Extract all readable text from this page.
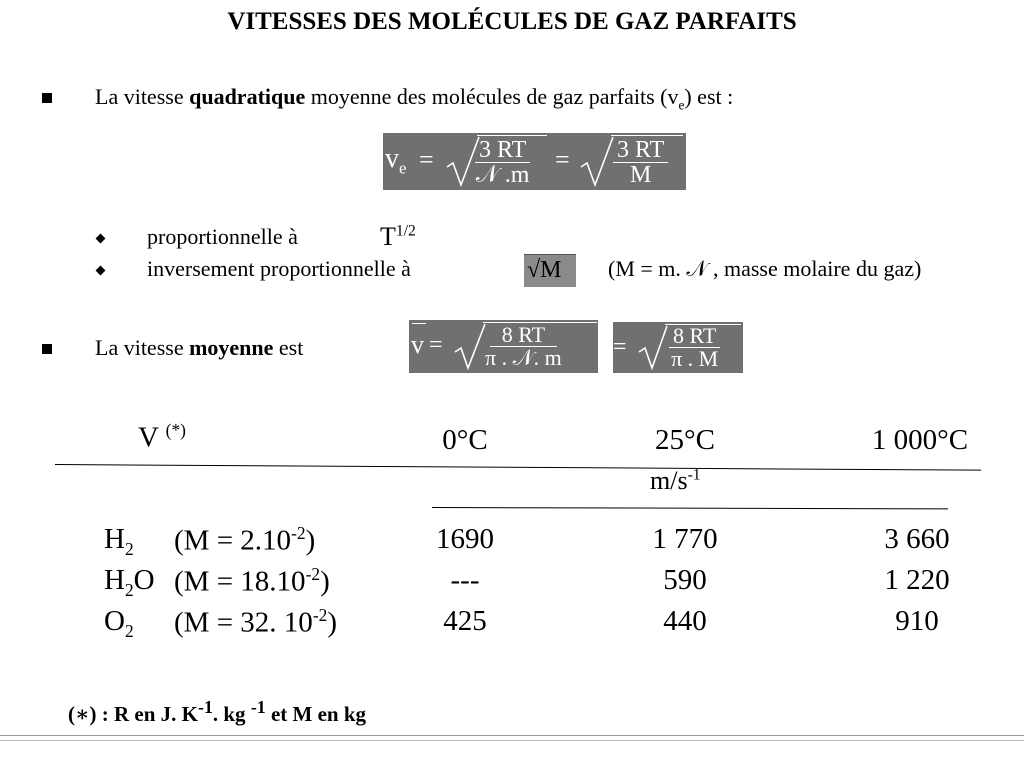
VITESSES DES MOLÉCULES DE GAZ PARFAITS
La vitesse quadratique moyenne des molécules de gaz parfaits $(v_e)$ est :
$v_e = 3$ RT
𝒩 .m
= $\frac{3 RT}{M}$
proportionnelle à	$T^{1/2}$
inversement proportionnelle à	√M (M = m. 𝒩 , masse molaire du gaz)
La vitesse moyenne est	v =	8 RT
π . 𝒩. $m = \frac{8 RT}{\pi . M}$
V (*)	0°C	25°C	1 000°C
$m/s^{-1}$
$H_2$ $(M = 2.10^{-2})$	1690	1 770	3 660
$H_2O$ $(M = 18.10^{-2})$	---	590	1 220
$O_2$ (M = 32. $10^{-2}$)	425	440	910
(∗) : R en J. $K^{-1}$. kg $^{-1}$ et M en kg
